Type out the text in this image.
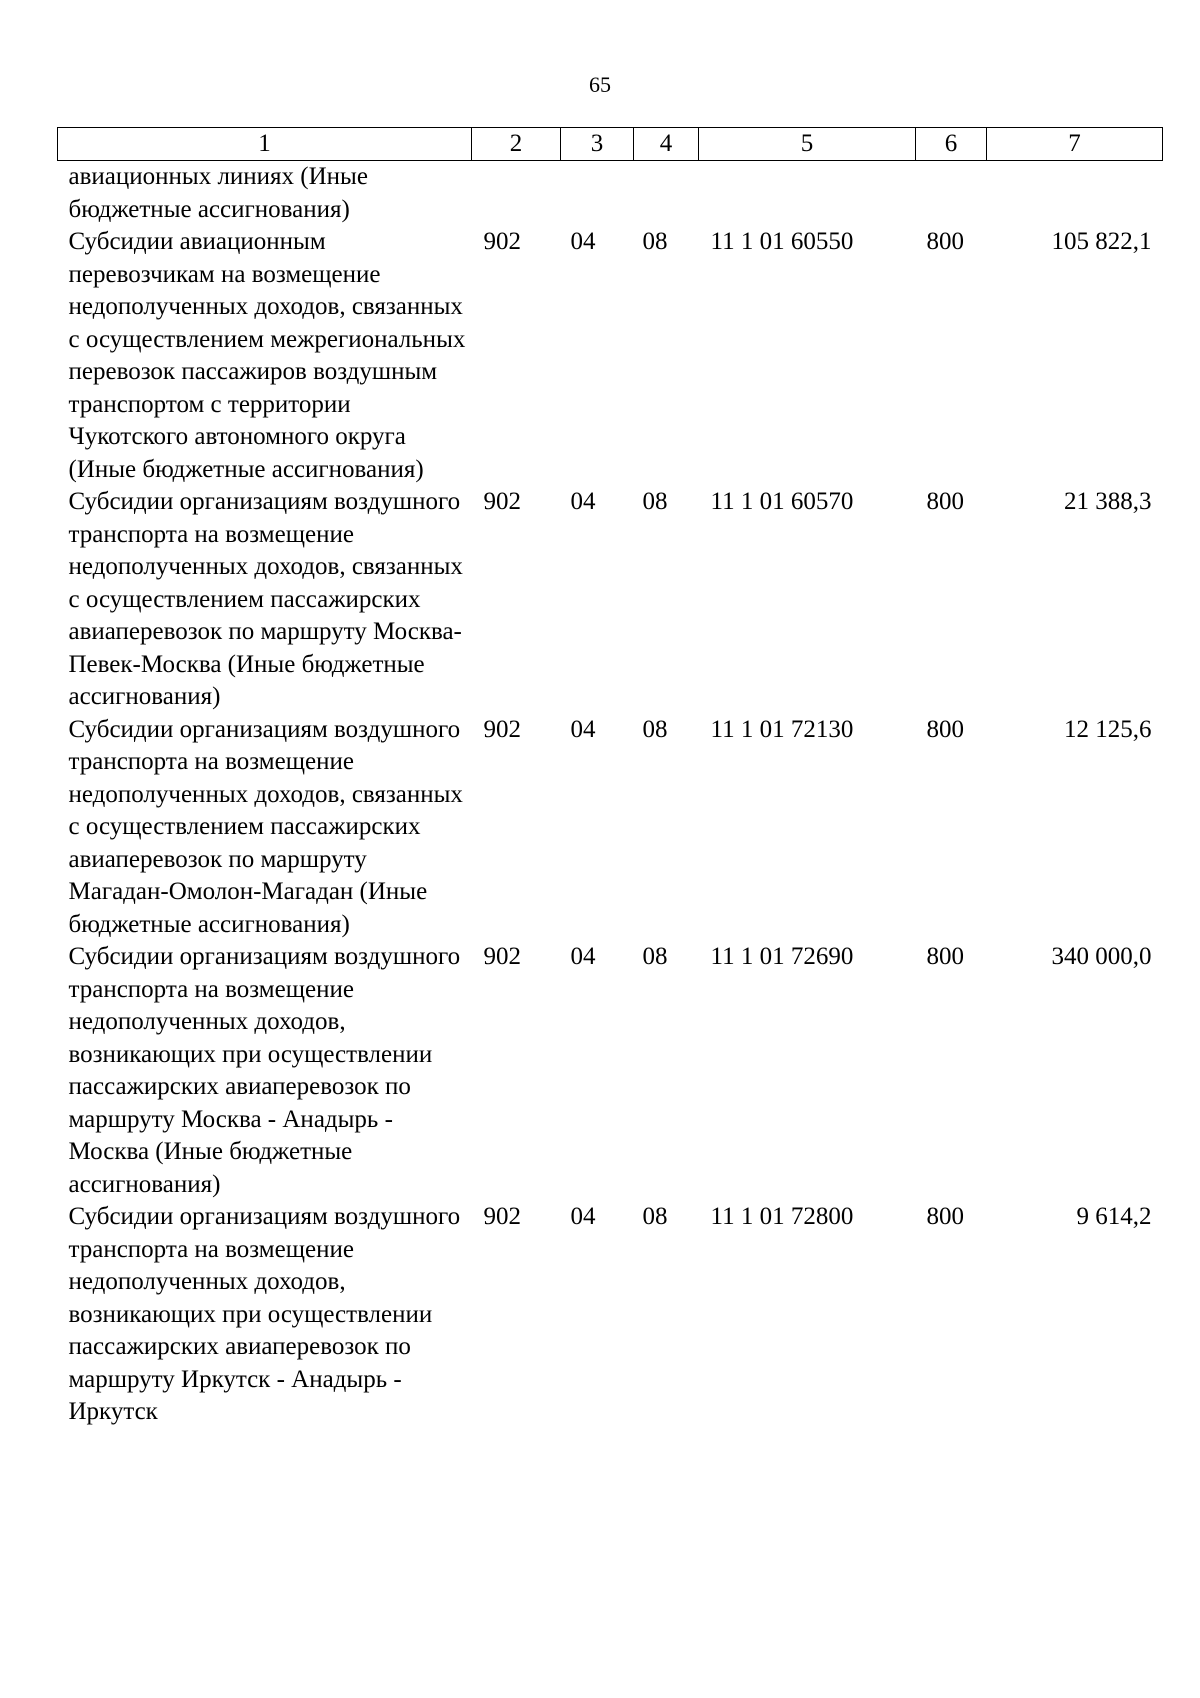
65
1	2	3	4	5	6	7
авиационных линиях (Иные бюджетные ассигнования)						
Субсидии авиационным перевозчикам на возмещение недополученных доходов, связанных с осуществлением межрегиональных перевозок пассажиров воздушным транспортом с территории Чукотского автономного округа (Иные бюджетные ассигнования)	902	04	08	11 1 01 60550	800	105 822,1
Субсидии организациям воздушного транспорта на возмещение недополученных доходов, связанных с осуществлением пассажирских авиаперевозок по маршруту Москва-Певек-Москва (Иные бюджетные ассигнования)	902	04	08	11 1 01 60570	800	21 388,3
Субсидии организациям воздушного транспорта на возмещение недополученных доходов, связанных с осуществлением пассажирских авиаперевозок по маршруту Магадан-Омолон-Магадан (Иные бюджетные ассигнования)	902	04	08	11 1 01 72130	800	12 125,6
Субсидии организациям воздушного транспорта на возмещение недополученных доходов, возникающих при осуществлении пассажирских авиаперевозок по маршруту Москва - Анадырь - Москва (Иные бюджетные ассигнования)	902	04	08	11 1 01 72690	800	340 000,0
Субсидии организациям воздушного транспорта на возмещение недополученных доходов, возникающих при осуществлении пассажирских авиаперевозок по маршруту Иркутск - Анадырь - Иркутск	902	04	08	11 1 01 72800	800	9 614,2
